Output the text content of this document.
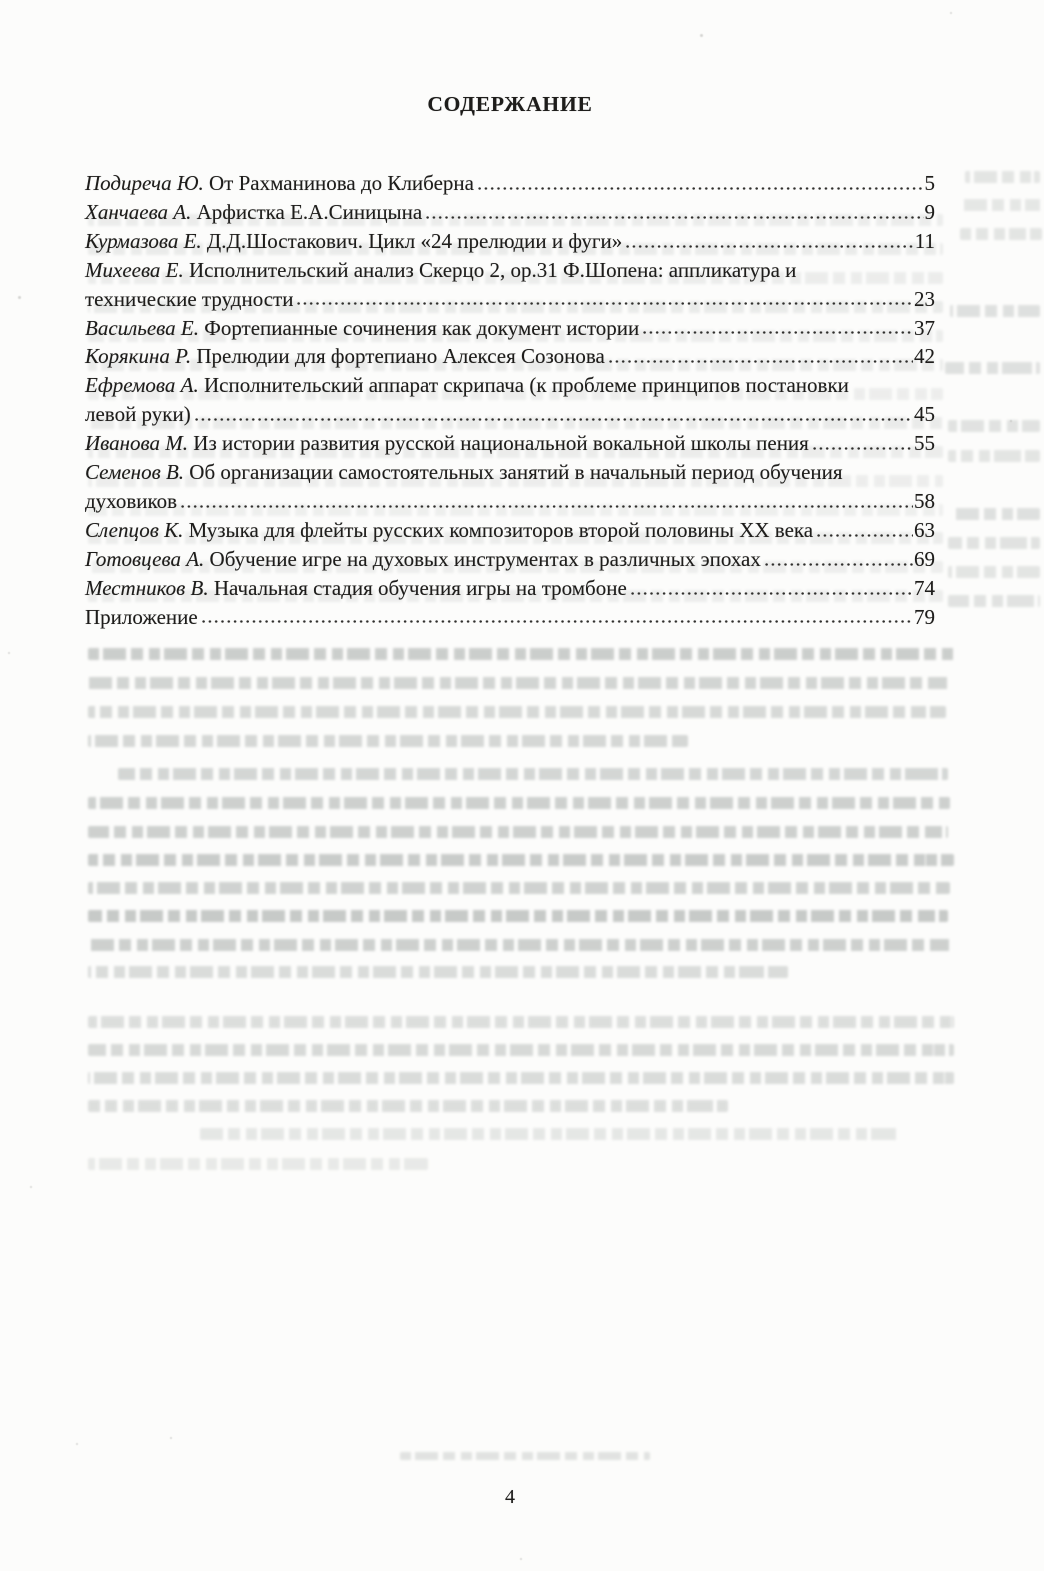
СОДЕРЖАНИЕ
Подиреча Ю. От Рахманинова до Клиберна	5
Ханчаева А. Арфистка Е.А.Синицына	9
Курмазова Е. Д.Д.Шостакович. Цикл «24 прелюдии и фуги»	11
Михеева Е. Исполнительский анализ Скерцо 2, ор.31 Ф.Шопена: аппликатура и
технические трудности	23
Васильева Е. Фортепианные сочинения как документ истории	37
Корякина Р. Прелюдии для фортепиано Алексея Созонова	42
Ефремова А. Исполнительский аппарат скрипача (к проблеме принципов постановки
левой руки)	45
Иванова М. Из истории развития русской национальной вокальной школы пения	55
Семенов В. Об организации самостоятельных занятий в начальный период обучения
духовиков	58
Слепцов К. Музыка для флейты русских композиторов второй половины ХХ века	63
Готовцева А. Обучение игре на духовых инструментах в различных эпохах	69
Местников В. Начальная стадия обучения игры на тромбоне	74
Приложение	79
4
